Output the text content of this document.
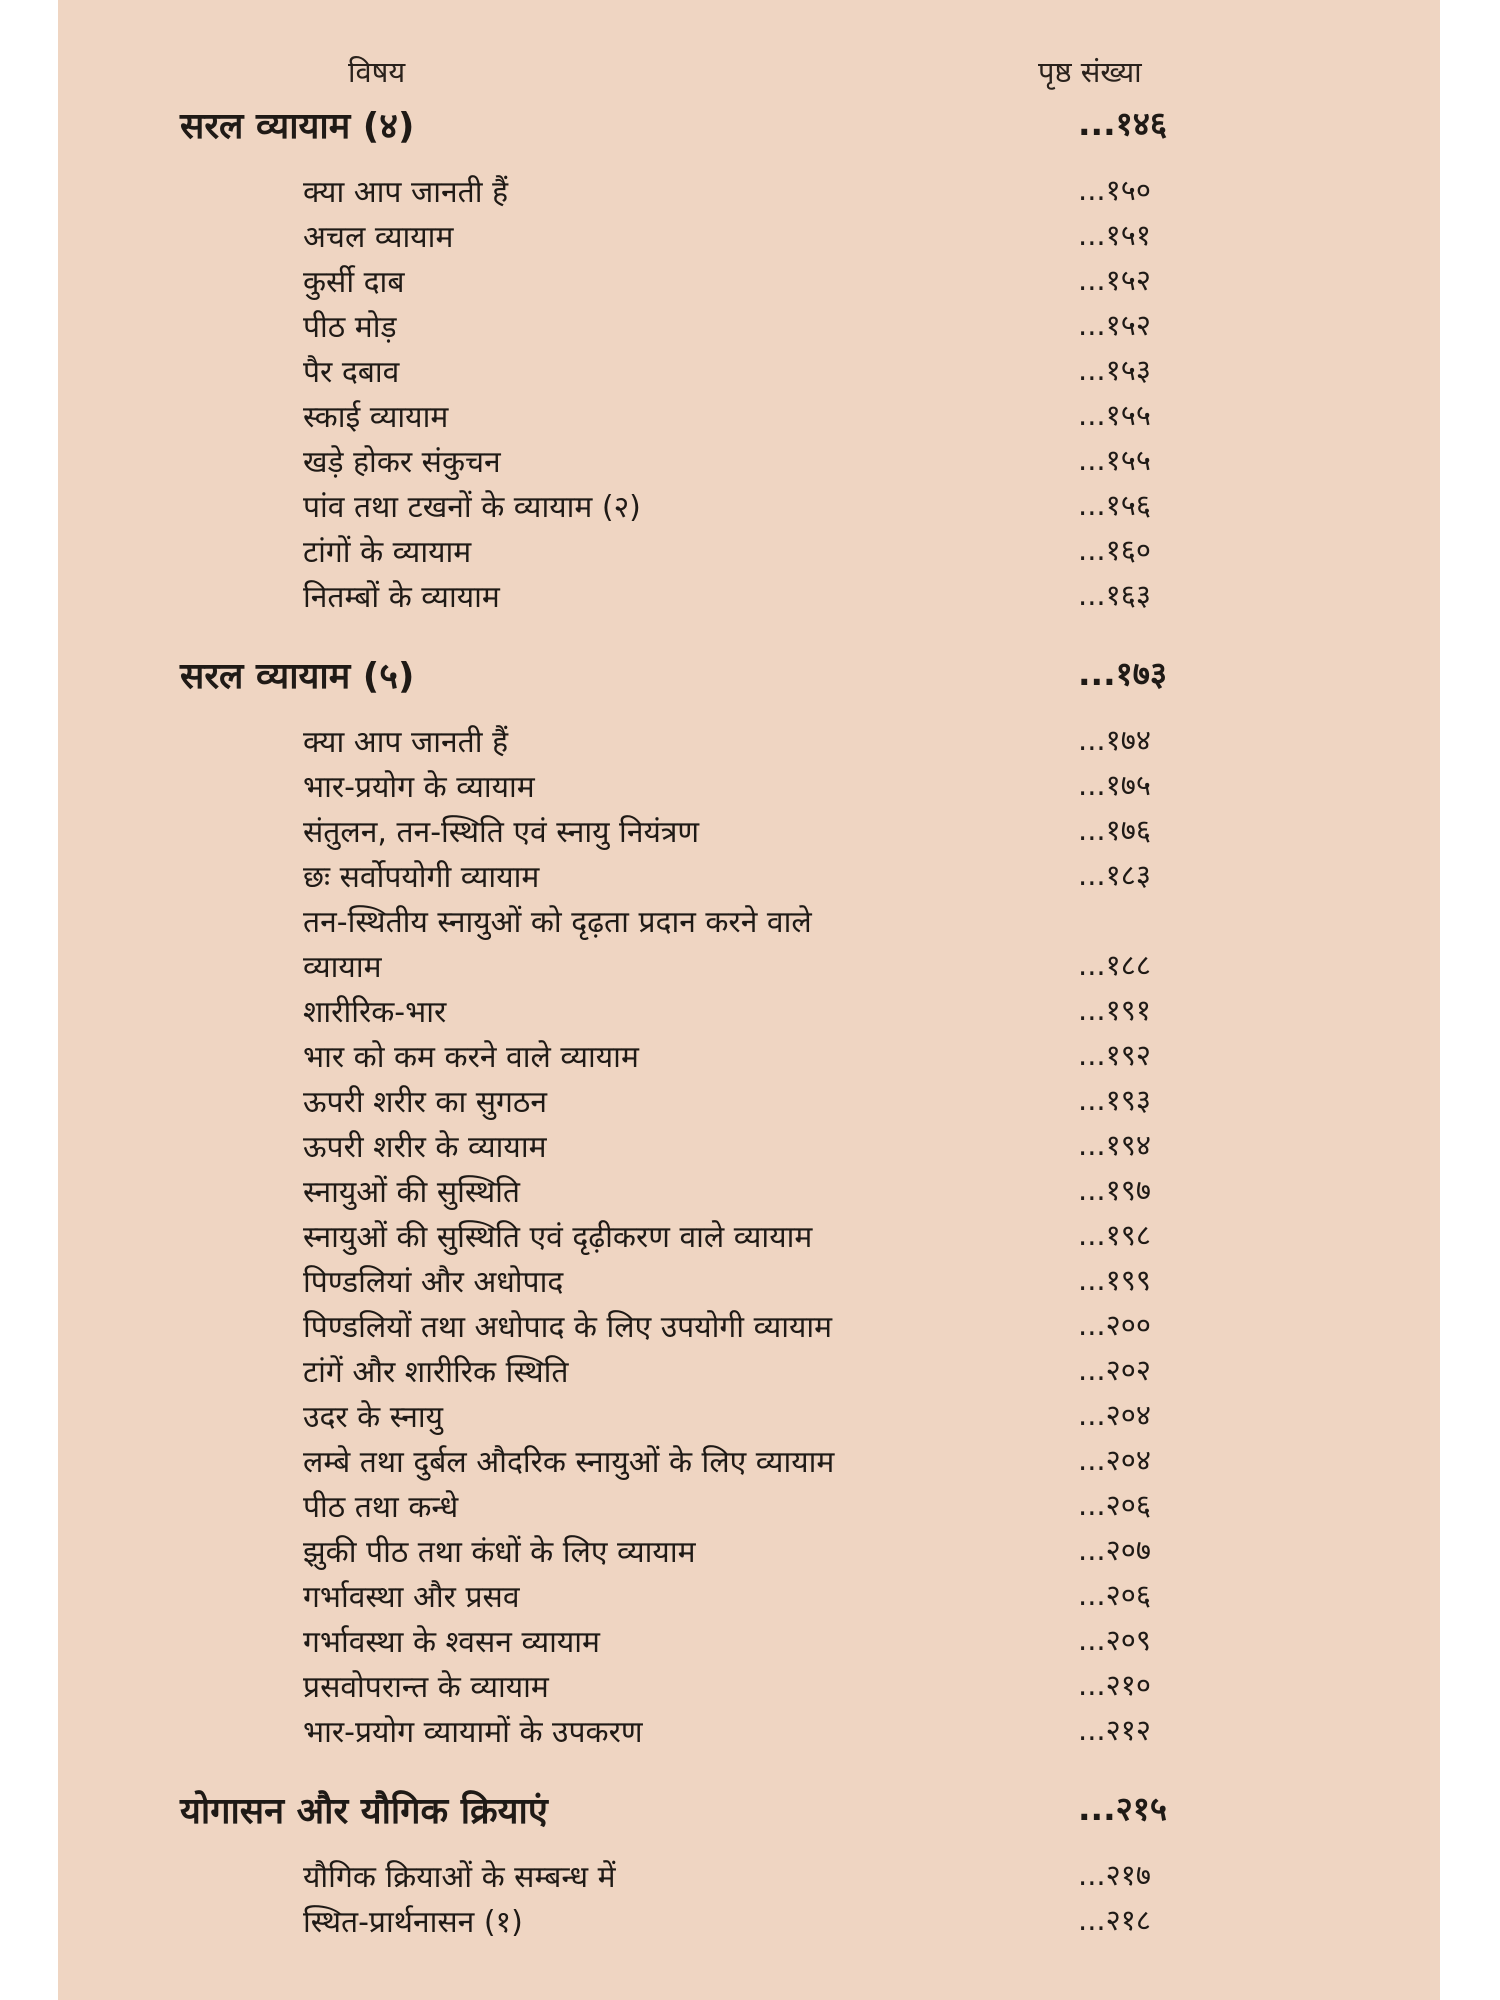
विषय	पृष्ठ संख्या
सरल व्यायाम (४)	...१४६
क्या आप जानती हैं	...१५०
अचल व्यायाम	...१५१
कुर्सी दाब	...१५२
पीठ मोड़	...१५२
पैर दबाव	...१५३
स्काई व्यायाम	...१५५
खड़े होकर संकुचन	...१५५
पांव तथा टखनों के व्यायाम (२)	...१५६
टांगों के व्यायाम	...१६०
नितम्बों के व्यायाम	...१६३
सरल व्यायाम (५)	...१७३
क्या आप जानती हैं	...१७४
भार-प्रयोग के व्यायाम	...१७५
संतुलन, तन-स्थिति एवं स्नायु नियंत्रण	...१७६
छः सर्वोपयोगी व्यायाम	...१८३
तन-स्थितीय स्नायुओं को दृढ़ता प्रदान करने वाले
व्यायाम	...१८८
शारीरिक-भार	...१९१
भार को कम करने वाले व्यायाम	...१९२
ऊपरी शरीर का सुगठन	...१९३
ऊपरी शरीर के व्यायाम	...१९४
स्नायुओं की सुस्थिति	...१९७
स्नायुओं की सुस्थिति एवं दृढ़ीकरण वाले व्यायाम	...१९८
पिण्डलियां और अधोपाद	...१९९
पिण्डलियों तथा अधोपाद के लिए उपयोगी व्यायाम	...२००
टांगें और शारीरिक स्थिति	...२०२
उदर के स्नायु	...२०४
लम्बे तथा दुर्बल औदरिक स्नायुओं के लिए व्यायाम	...२०४
पीठ तथा कन्धे	...२०६
झुकी पीठ तथा कंधों के लिए व्यायाम	...२०७
गर्भावस्था और प्रसव	...२०६
गर्भावस्था के श्वसन व्यायाम	...२०९
प्रसवोपरान्त के व्यायाम	...२१०
भार-प्रयोग व्यायामों के उपकरण	...२१२
योगासन और यौगिक क्रियाएं	...२१५
यौगिक क्रियाओं के सम्बन्ध में	...२१७
स्थित-प्रार्थनासन (१)	...२१८
